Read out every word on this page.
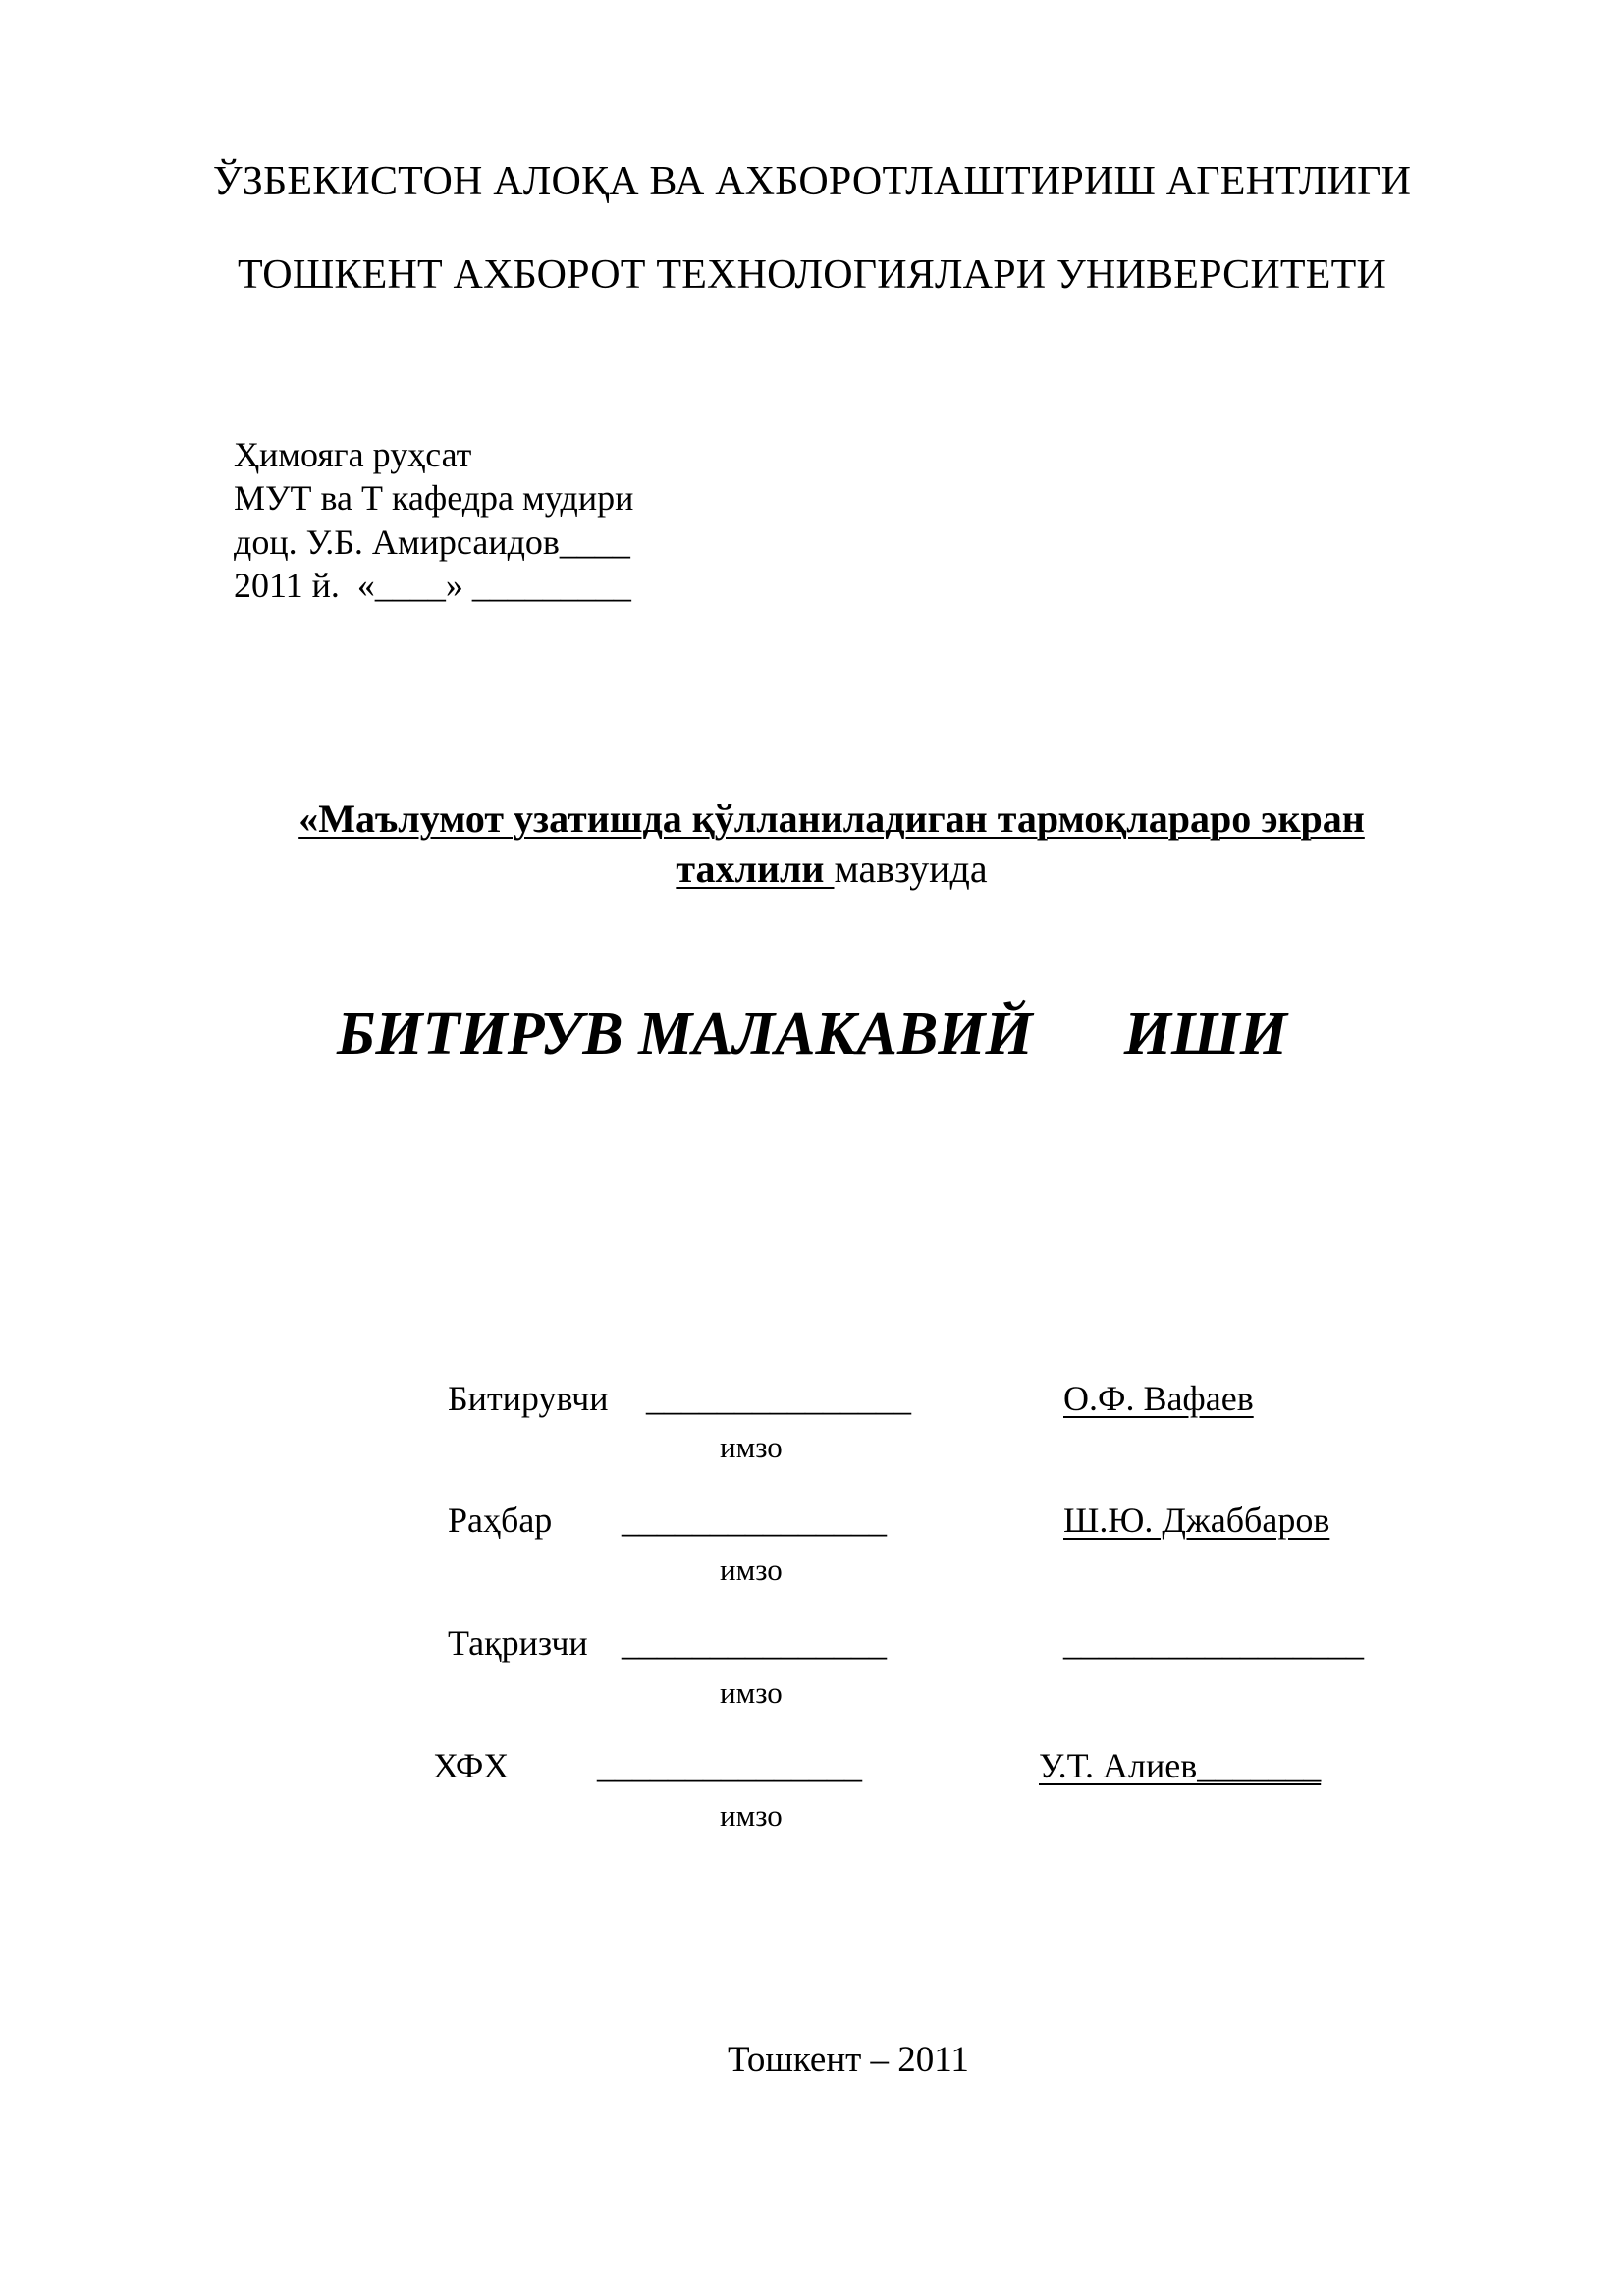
ЎЗБЕКИСТОН АЛОҚА ВА АХБОРОТЛАШТИРИШ АГЕНТЛИГИ
ТОШКЕНТ АХБОРОТ ТЕХНОЛОГИЯЛАРИ УНИВЕРСИТЕТИ
Ҳимояга руҳсат
МУТ ва Т кафедра мудири
доц. У.Б. Амирсаидов____
2011 й.  «____» _________

«Маълумот узатишда қўлланиладиган тармоқлараро экран

тахлили мавзуида

БИТИРУВ МАЛАКАВИЙ      ИШИ
Битирувчи _______________	О.Ф. Вафаев
имзо
Раҳбар _______________	Ш.Ю. Джаббаров
имзо
Тақризчи _______________	_________________
имзо
ХФХ _______________	У.Т. Алиев_______
имзо
Тошкент – 2011
